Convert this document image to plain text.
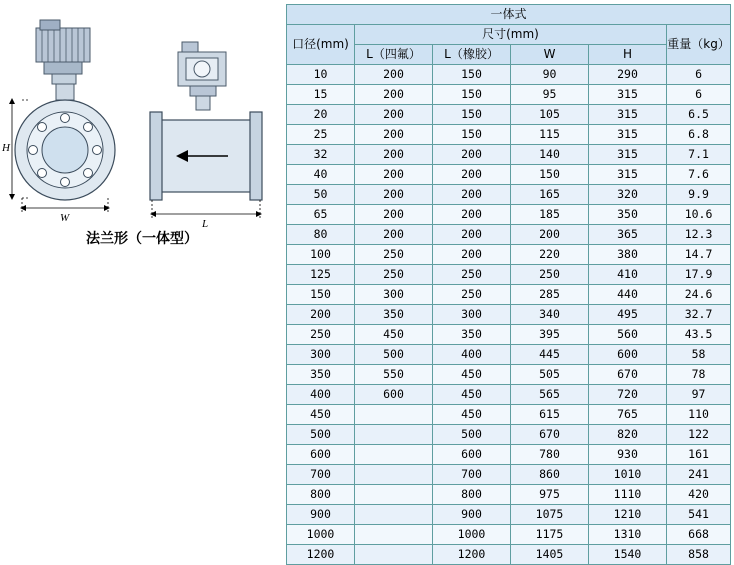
H
W	L
法兰形（一体型）
一体式					
口径(mm)	尺寸(mm)				重量（kg）
	L（四氟）	L（橡胶）	W	H	
10	200	150	90	290	6
15	200	150	95	315	6
20	200	150	105	315	6.5
25	200	150	115	315	6.8
32	200	200	140	315	7.1
40	200	200	150	315	7.6
50	200	200	165	320	9.9
65	200	200	185	350	10.6
80	200	200	200	365	12.3
100	250	200	220	380	14.7
125	250	250	250	410	17.9
150	300	250	285	440	24.6
200	350	300	340	495	32.7
250	450	350	395	560	43.5
300	500	400	445	600	58
350	550	450	505	670	78
400	600	450	565	720	97
450		450	615	765	110
500		500	670	820	122
600		600	780	930	161
700		700	860	1010	241
800		800	975	1110	420
900		900	1075	1210	541
1000		1000	1175	1310	668
1200		1200	1405	1540	858
